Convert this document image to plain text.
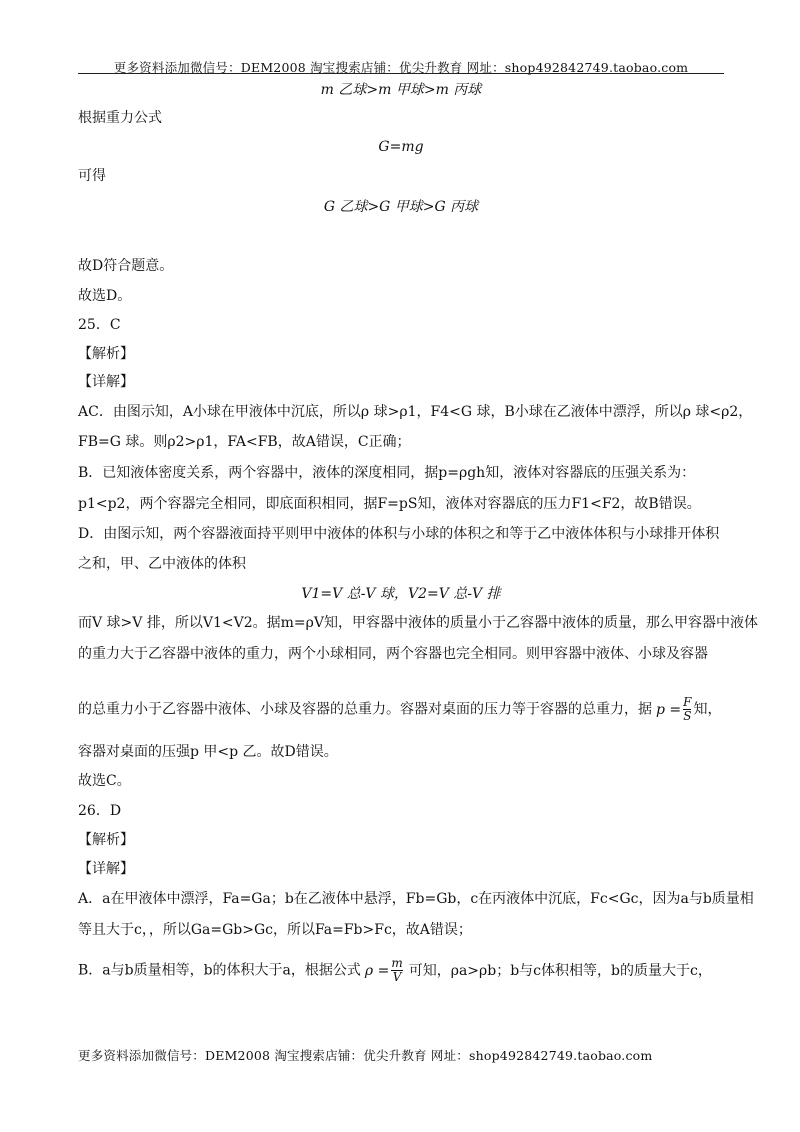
更多资料添加微信号：DEM2008 淘宝搜索店铺：优尖升教育 网址：shop492842749.taobao.com
m 乙球>m 甲球>m 丙球
根据重力公式
G=mg
可得
G 乙球>G 甲球>G 丙球
故D符合题意。
故选D。
25．C
【解析】
【详解】
AC．由图示知，A小球在甲液体中沉底，所以ρ 球>ρ1，F4<G 球，B小球在乙液体中漂浮，所以ρ 球<ρ2，
FB=G 球。则ρ2>ρ1，FA<FB，故A错误，C正确；
B．已知液体密度关系，两个容器中，液体的深度相同，据p=ρgh知，液体对容器底的压强关系为：
p1<p2，两个容器完全相同，即底面积相同，据F=pS知，液体对容器底的压力F1<F2，故B错误。
D．由图示知，两个容器液面持平则甲中液体的体积与小球的体积之和等于乙中液体体积与小球排开体积
之和，甲、乙中液体的体积
V1=V 总-V 球，V2=V 总-V 排
而V 球>V 排，所以V1<V2。据m=ρV知，甲容器中液体的质量小于乙容器中液体的质量，那么甲容器中液体
的重力大于乙容器中液体的重力，两个小球相同，两个容器也完全相同。则甲容器中液体、小球及容器
的总重力小于乙容器中液体、小球及容器的总重力。容器对桌面的压力等于容器的总重力，据 $p = \frac{F}{S}$ 知，
容器对桌面的压强p 甲<p 乙。故D错误。
故选C。
26．D
【解析】
【详解】
A．a在甲液体中漂浮，Fa=Ga；b在乙液体中悬浮，Fb=Gb，c在丙液体中沉底，Fc<Gc，因为a与b质量相
等且大于c，，所以Ga=Gb>Gc，所以Fa=Fb>Fc，故A错误；
B．a与b质量相等，b的体积大于a，根据公式 $\rho = \frac{m}{V}$ 可知，ρa>ρb；b与c体积相等，b的质量大于c，
更多资料添加微信号：DEM2008 淘宝搜索店铺：优尖升教育 网址：shop492842749.taobao.com
